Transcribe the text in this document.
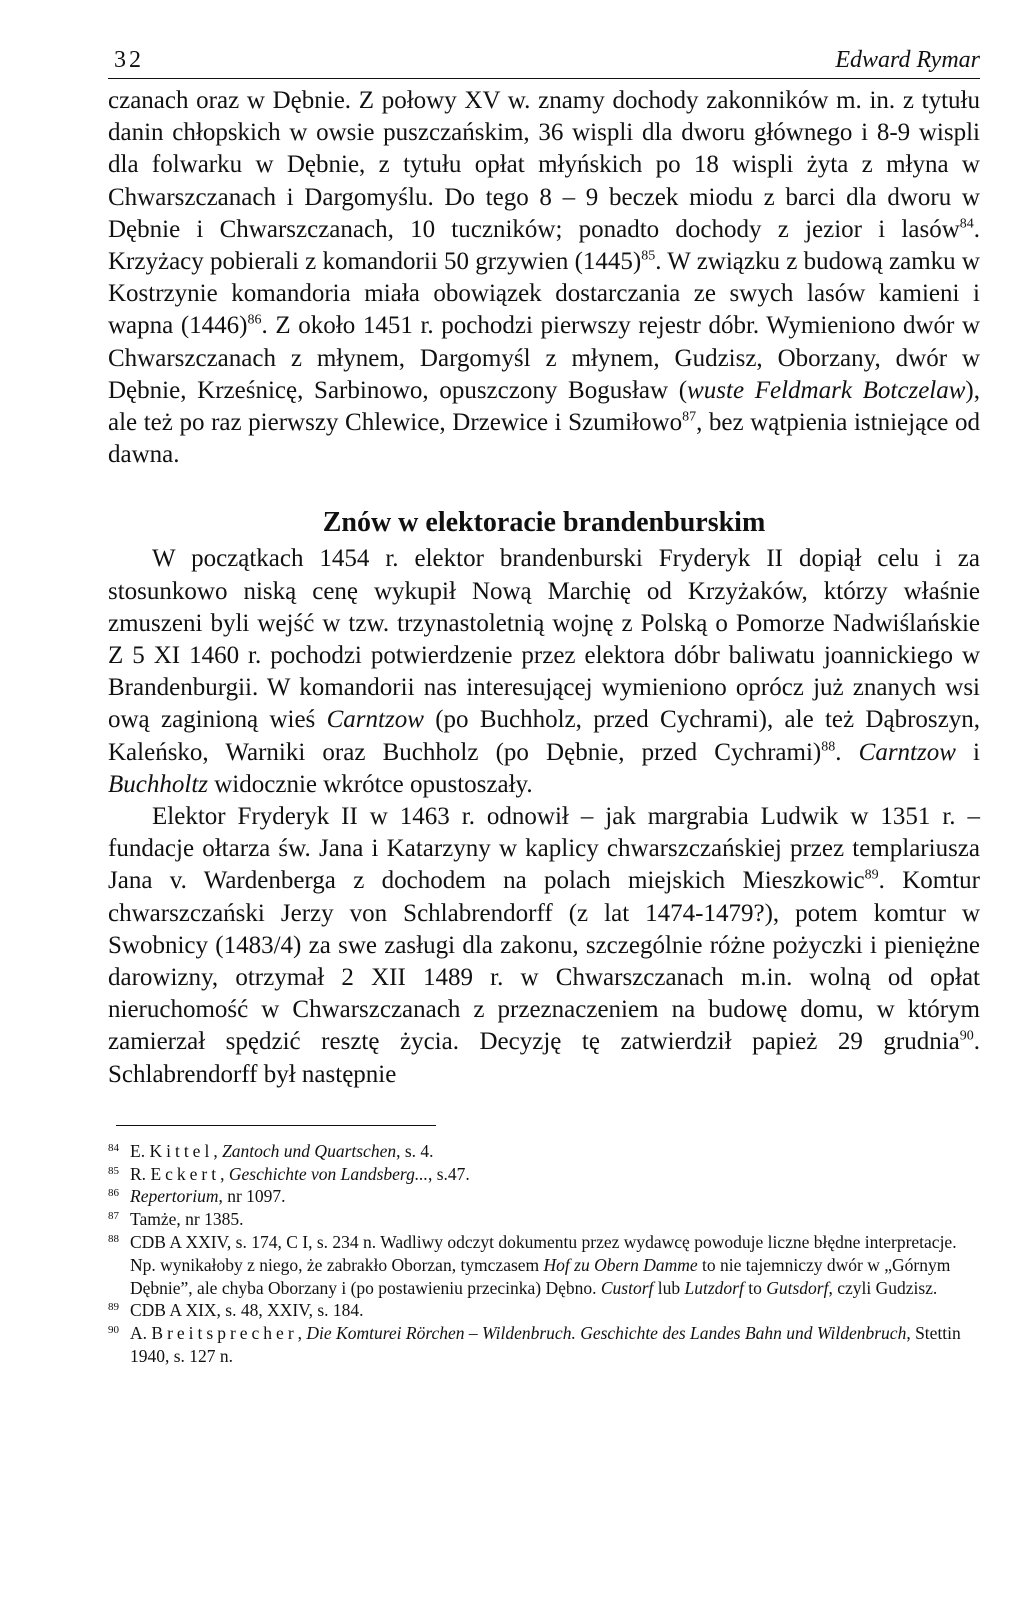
32	Edward Rymar

czanach oraz w Dębnie. Z połowy XV w. znamy dochody zakonników m. in. z tytułu danin chłopskich w owsie puszczańskim, 36 wispli dla dworu głównego i 8-9 wispli dla folwarku w Dębnie, z tytułu opłat młyńskich po 18 wispli żyta z młyna w Chwarszczanach i Dargomyślu. Do tego 8 – 9 beczek miodu z barci dla dworu w Dębnie i Chwarszczanach, 10 tuczników; ponadto dochody z jezior i lasów$^{84}$. Krzyżacy pobierali z komandorii 50 grzywien (1445)$^{85}$. W związku z budową zamku w Kostrzynie komandoria miała obowiązek dostarczania ze swych lasów kamieni i wapna (1446)$^{86}$. Z około 1451 r. pochodzi pierwszy rejestr dóbr. Wymieniono dwór w Chwarszczanach z młynem, Dargomyśl z młynem, Gudzisz, Oborzany, dwór w Dębnie, Krześnicę, Sarbinowo, opuszczony Bogusław (wuste Feldmark Botczelaw), ale też po raz pierwszy Chlewice, Drzewice i Szumiłowo$^{87}$, bez wątpienia istniejące od dawna.

Znów w elektoracie brandenburskim

W początkach 1454 r. elektor brandenburski Fryderyk II dopiął celu i za stosunkowo niską cenę wykupił Nową Marchię od Krzyżaków, którzy właśnie zmuszeni byli wejść w tzw. trzynastoletnią wojnę z Polską o Pomorze Nadwiślańskie Z 5 XI 1460 r. pochodzi potwierdzenie przez elektora dóbr baliwatu joannickiego w Brandenburgii. W komandorii nas interesującej wymieniono oprócz już znanych wsi ową zaginioną wieś Carntzow (po Buchholz, przed Cychrami), ale też Dąbroszyn, Kaleńsko, Warniki oraz Buchholz (po Dębnie, przed Cychrami)$^{88}$. Carntzow i Buchholtz widocznie wkrótce opustoszały.

Elektor Fryderyk II w 1463 r. odnowił – jak margrabia Ludwik w 1351 r. – fundacje ołtarza św. Jana i Katarzyny w kaplicy chwarszczańskiej przez templariusza Jana v. Wardenberga z dochodem na polach miejskich Mieszkowic$^{89}$. Komtur chwarszczański Jerzy von Schlabrendorff (z lat 1474-1479?), potem komtur w Swobnicy (1483/4) za swe zasługi dla zakonu, szczególnie różne pożyczki i pieniężne darowizny, otrzymał 2 XII 1489 r. w Chwarszczanach m.in. wolną od opłat nieruchomość w Chwarszczanach z przeznaczeniem na budowę domu, w którym zamierzał spędzić resztę życia. Decyzję tę zatwierdził papież 29 grudnia$^{90}$. Schlabrendorff był następnie

84 E. Kittel, Zantoch und Quartschen, s. 4.
85 R. Eckert, Geschichte von Landsberg..., s.47.
86 Repertorium, nr 1097.
87 Tamże, nr 1385.
88 CDB A XXIV, s. 174, C I, s. 234 n. Wadliwy odczyt dokumentu przez wydawcę powoduje liczne błędne interpretacje. Np. wynikałoby z niego, że zabrakło Oborzan, tymczasem Hof zu Obern Damme to nie tajemniczy dwór w „Górnym Dębnie”, ale chyba Oborzany i (po postawieniu przecinka) Dębno. Custorf lub Lutzdorf to Gutsdorf, czyli Gudzisz.
89 CDB A XIX, s. 48, XXIV, s. 184.
90 A. Breitsprecher, Die Komturei Rörchen – Wildenbruch. Geschichte des Landes Bahn und Wildenbruch, Stettin 1940, s. 127 n.
